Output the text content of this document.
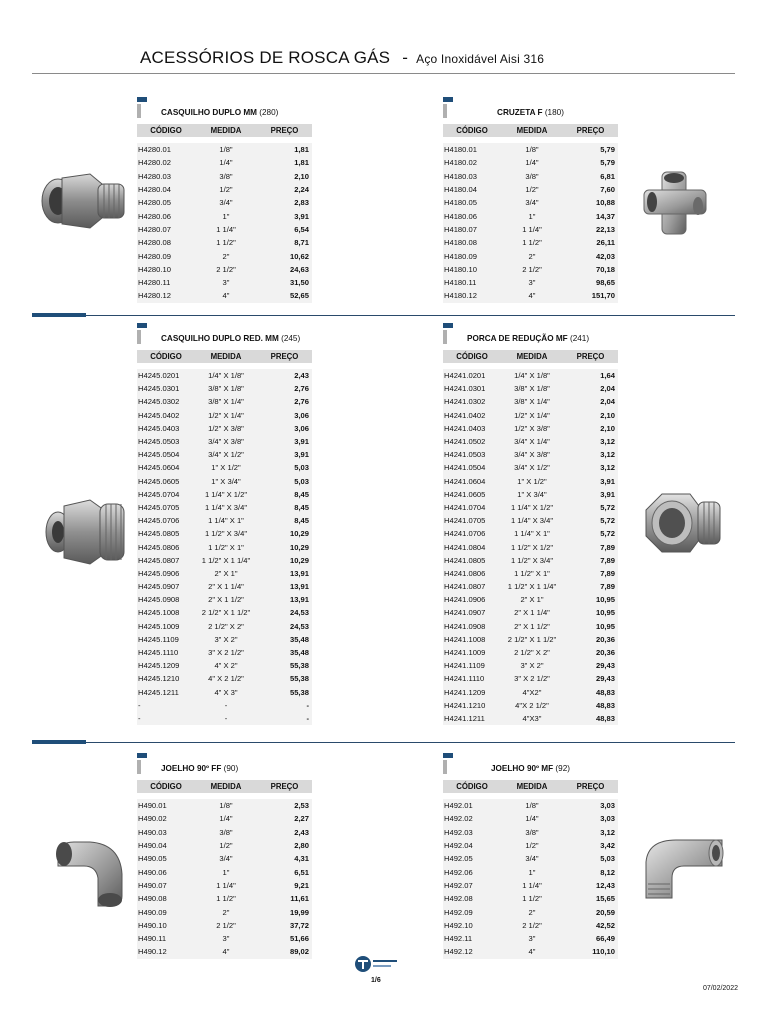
ACESSÓRIOS DE ROSCA GÁS - Aço Inoxidável Aisi 316
CASQUILHO DUPLO MM (280)
CÓDIGO	MEDIDA	PREÇO

H4280.01	1/8"	1,81
H4280.02	1/4"	1,81
H4280.03	3/8"	2,10
H4280.04	1/2"	2,24
H4280.05	3/4"	2,83
H4280.06	1"	3,91
H4280.07	1 1/4"	6,54
H4280.08	1 1/2"	8,71
H4280.09	2"	10,62
H4280.10	2 1/2"	24,63
H4280.11	3"	31,50
H4280.12	4"	52,65
CRUZETA F (180)
CÓDIGO	MEDIDA	PREÇO

H4180.01	1/8"	5,79
H4180.02	1/4"	5,79
H4180.03	3/8"	6,81
H4180.04	1/2"	7,60
H4180.05	3/4"	10,88
H4180.06	1"	14,37
H4180.07	1 1/4"	22,13
H4180.08	1 1/2"	26,11
H4180.09	2"	42,03
H4180.10	2 1/2"	70,18
H4180.11	3"	98,65
H4180.12	4"	151,70
CASQUILHO DUPLO RED. MM (245)
CÓDIGO	MEDIDA	PREÇO

H4245.0201	1/4" X 1/8"	2,43
H4245.0301	3/8" X 1/8"	2,76
H4245.0302	3/8" X 1/4"	2,76
H4245.0402	1/2" X 1/4"	3,06
H4245.0403	1/2" X 3/8"	3,06
H4245.0503	3/4" X 3/8"	3,91
H4245.0504	3/4" X 1/2"	3,91
H4245.0604	1" X 1/2"	5,03
H4245.0605	1" X 3/4"	5,03
H4245.0704	1 1/4" X 1/2"	8,45
H4245.0705	1 1/4" X 3/4"	8,45
H4245.0706	1 1/4" X 1"	8,45
H4245.0805	1 1/2" X 3/4"	10,29
H4245.0806	1 1/2" X 1"	10,29
H4245.0807	1 1/2" X 1 1/4"	10,29
H4245.0906	2" X 1"	13,91
H4245.0907	2" X 1 1/4"	13,91
H4245.0908	2" X 1 1/2"	13,91
H4245.1008	2 1/2" X 1 1/2"	24,53
H4245.1009	2 1/2" X 2"	24,53
H4245.1109	3" X 2"	35,48
H4245.1110	3" X 2 1/2"	35,48
H4245.1209	4" X 2"	55,38
H4245.1210	4" X 2 1/2"	55,38
H4245.1211	4" X 3"	55,38
-	-	-
-	-	-
PORCA DE REDUÇÃO MF (241)
CÓDIGO	MEDIDA	PREÇO

H4241.0201	1/4" X 1/8"	1,64
H4241.0301	3/8" X 1/8"	2,04
H4241.0302	3/8" X 1/4"	2,04
H4241.0402	1/2" X 1/4"	2,10
H4241.0403	1/2" X 3/8"	2,10
H4241.0502	3/4" X 1/4"	3,12
H4241.0503	3/4" X 3/8"	3,12
H4241.0504	3/4" X 1/2"	3,12
H4241.0604	1" X 1/2"	3,91
H4241.0605	1" X 3/4"	3,91
H4241.0704	1 1/4" X 1/2"	5,72
H4241.0705	1 1/4" X 3/4"	5,72
H4241.0706	1 1/4" X 1"	5,72
H4241.0804	1 1/2" X 1/2"	7,89
H4241.0805	1 1/2" X 3/4"	7,89
H4241.0806	1 1/2" X 1"	7,89
H4241.0807	1 1/2" X 1 1/4"	7,89
H4241.0906	2" X 1"	10,95
H4241.0907	2" X 1 1/4"	10,95
H4241.0908	2" X 1 1/2"	10,95
H4241.1008	2 1/2" X 1 1/2"	20,36
H4241.1009	2 1/2" X 2"	20,36
H4241.1109	3" X 2"	29,43
H4241.1110	3" X 2 1/2"	29,43
H4241.1209	4"X2"	48,83
H4241.1210	4"X 2 1/2"	48,83
H4241.1211	4"X3"	48,83
JOELHO 90º FF (90)
CÓDIGO	MEDIDA	PREÇO

H490.01	1/8"	2,53
H490.02	1/4"	2,27
H490.03	3/8"	2,43
H490.04	1/2"	2,80
H490.05	3/4"	4,31
H490.06	1"	6,51
H490.07	1 1/4"	9,21
H490.08	1 1/2"	11,61
H490.09	2"	19,99
H490.10	2 1/2"	37,72
H490.11	3"	51,66
H490.12	4"	89,02
JOELHO 90º MF (92)
CÓDIGO	MEDIDA	PREÇO

H492.01	1/8"	3,03
H492.02	1/4"	3,03
H492.03	3/8"	3,12
H492.04	1/2"	3,42
H492.05	3/4"	5,03
H492.06	1"	8,12
H492.07	1 1/4"	12,43
H492.08	1 1/2"	15,65
H492.09	2"	20,59
H492.10	2 1/2"	42,52
H492.11	3"	66,49
H492.12	4"	110,10
1/6
07/02/2022
